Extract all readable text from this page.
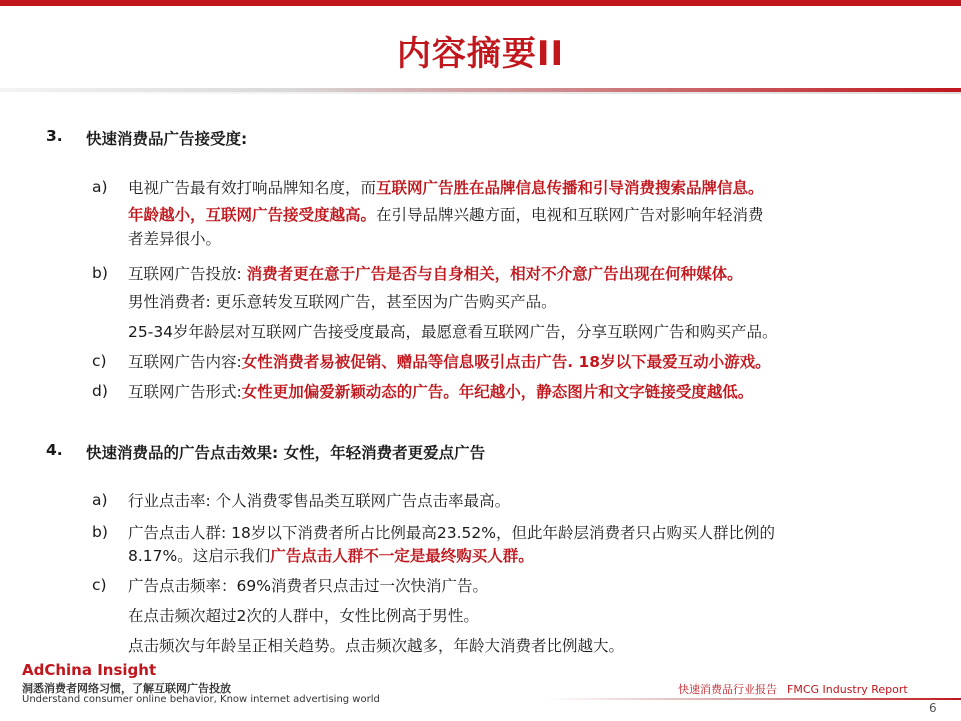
内容摘要II
3. 快速消费品广告接受度:
a) 电视广告最有效打响品牌知名度，而互联网广告胜在品牌信息传播和引导消费搜索品牌信息。
年龄越小，互联网广告接受度越高。在引导品牌兴趣方面，电视和互联网广告对影响年轻消费
者差异很小。
b) 互联网广告投放: 消费者更在意于广告是否与自身相关，相对不介意广告出现在何种媒体。
男性消费者: 更乐意转发互联网广告，甚至因为广告购买产品。
25-34岁年龄层对互联网广告接受度最高，最愿意看互联网广告，分享互联网广告和购买产品。
c) 互联网广告内容:女性消费者易被促销、赠品等信息吸引点击广告. 18岁以下最爱互动小游戏。
d) 互联网广告形式:女性更加偏爱新颖动态的广告。年纪越小，静态图片和文字链接受度越低。
4. 快速消费品的广告点击效果: 女性，年轻消费者更爱点广告
a) 行业点击率: 个人消费零售品类互联网广告点击率最高。
b) 广告点击人群: 18岁以下消费者所占比例最高23.52%，但此年龄层消费者只占购买人群比例的
8.17%。这启示我们广告点击人群不一定是最终购买人群。
c) 广告点击频率：69%消费者只点击过一次快消广告。
在点击频次超过2次的人群中，女性比例高于男性。
点击频次与年龄呈正相关趋势。点击频次越多，年龄大消费者比例越大。
AdChina Insight
洞悉消费者网络习惯，了解互联网广告投放
Understand consumer online behavior, Know internet advertising world
快速消费品行业报告 FMCG Industry Report
6
